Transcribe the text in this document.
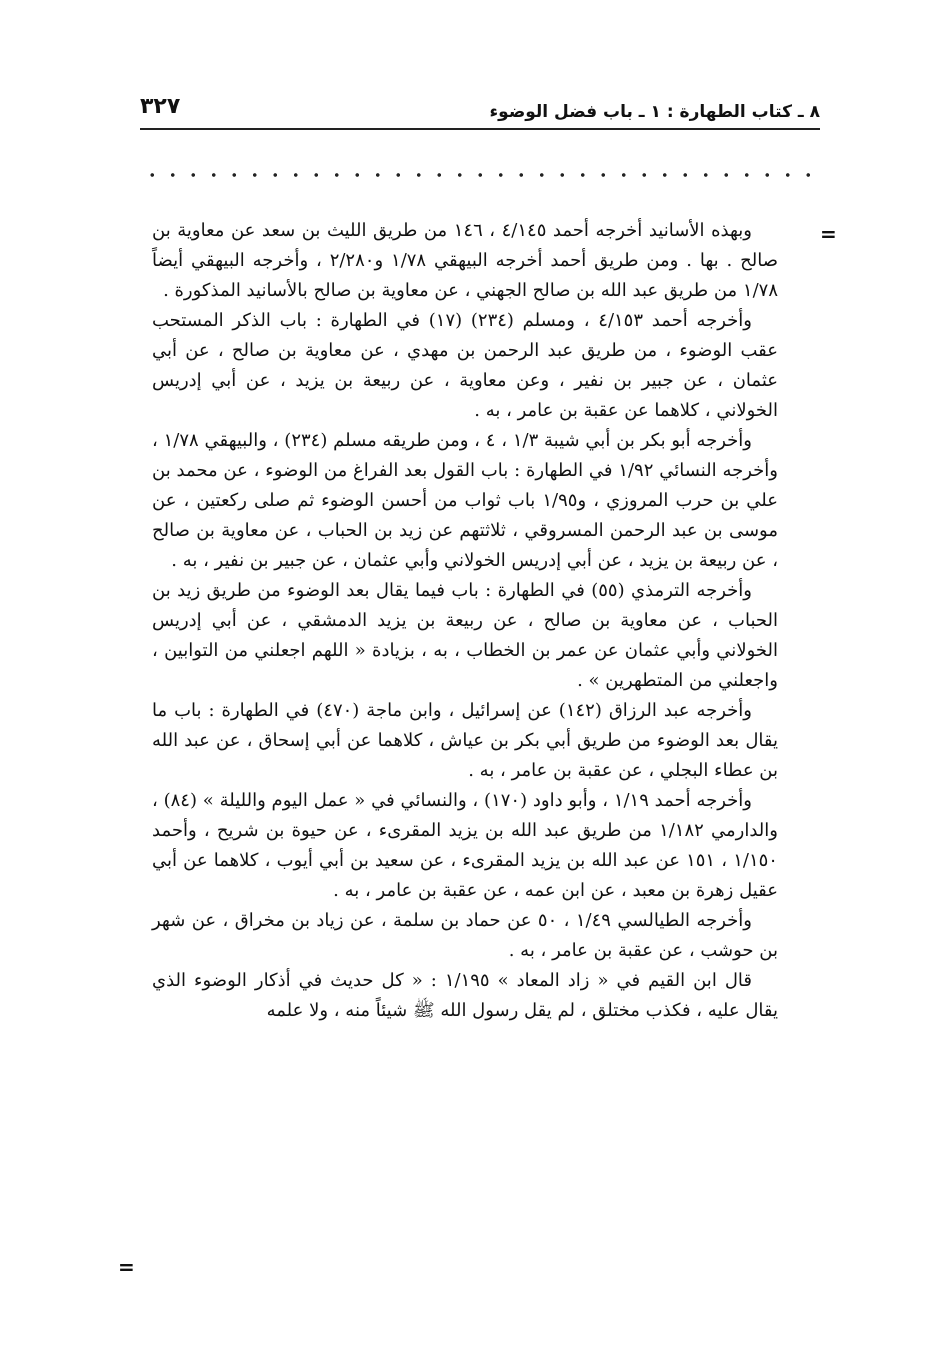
٨ ـ كتاب الطهارة : ١ ـ باب فضل الوضوء
٣٢٧
=
=

وبهذه الأسانيد أخرجه أحمد ٤/١٤٥ ، ١٤٦ من طريق الليث بن سعد عن معاوية بن صالح . بها . ومن طريق أحمد أخرجه البيهقي ١/٧٨ و٢/٢٨٠ ، وأخرجه البيهقي أيضاً ١/٧٨ من طريق عبد الله بن صالح الجهني ، عن معاوية بن صالح بالأسانيد المذكورة .

وأخرجه أحمد ٤/١٥٣ ، ومسلم (٢٣٤) (١٧) في الطهارة : باب الذكر المستحب عقب الوضوء ، من طريق عبد الرحمن بن مهدي ، عن معاوية بن صالح ، عن أبي عثمان ، عن جبير بن نفير ، وعن معاوية ، عن ربيعة بن يزيد ، عن أبي إدريس الخولاني ، كلاهما عن عقبة بن عامر ، به .

وأخرجه أبو بكر بن أبي شيبة ١/٣ ، ٤ ، ومن طريقه مسلم (٢٣٤) ، والبيهقي ١/٧٨ ، وأخرجه النسائي ١/٩٢ في الطهارة : باب القول بعد الفراغ من الوضوء ، عن محمد بن علي بن حرب المروزي ، و١/٩٥ باب ثواب من أحسن الوضوء ثم صلى ركعتين ، عن موسى بن عبد الرحمن المسروقي ، ثلاثتهم عن زيد بن الحباب ، عن معاوية بن صالح ، عن ربيعة بن يزيد ، عن أبي إدريس الخولاني وأبي عثمان ، عن جبير بن نفير ، به .

وأخرجه الترمذي (٥٥) في الطهارة : باب فيما يقال بعد الوضوء من طريق زيد بن الحباب ، عن معاوية بن صالح ، عن ربيعة بن يزيد الدمشقي ، عن أبي إدريس الخولاني وأبي عثمان عن عمر بن الخطاب ، به ، بزيادة « اللهم اجعلني من التوابين ، واجعلني من المتطهرين » .

وأخرجه عبد الرزاق (١٤٢) عن إسرائيل ، وابن ماجة (٤٧٠) في الطهارة : باب ما يقال بعد الوضوء من طريق أبي بكر بن عياش ، كلاهما عن أبي إسحاق ، عن عبد الله بن عطاء البجلي ، عن عقبة بن عامر ، به .

وأخرجه أحمد ١/١٩ ، وأبو داود (١٧٠) ، والنسائي في « عمل اليوم والليلة » (٨٤) ، والدارمي ١/١٨٢ من طريق عبد الله بن يزيد المقرىء ، عن حيوة بن شريح ، وأحمد ١/١٥٠ ، ١٥١ عن عبد الله بن يزيد المقرىء ، عن سعيد بن أبي أيوب ، كلاهما عن أبي عقيل زهرة بن معبد ، عن ابن عمه ، عن عقبة بن عامر ، به .

وأخرجه الطيالسي ١/٤٩ ، ٥٠ عن حماد بن سلمة ، عن زياد بن مخراق ، عن شهر بن حوشب ، عن عقبة بن عامر ، به .

قال ابن القيم في « زاد المعاد » ١/١٩٥ : « كل حديث في أذكار الوضوء الذي يقال عليه ، فكذب مختلق ، لم يقل رسول الله ﷺ شيئاً منه ، ولا علمه
